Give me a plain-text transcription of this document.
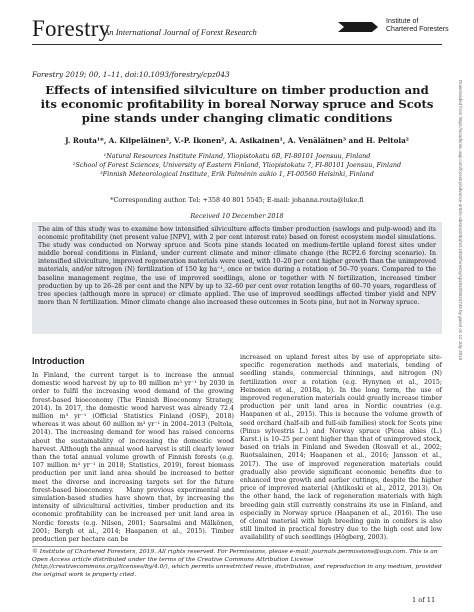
Forestry
An International Journal of Forest Research
Institute of
Chartered Foresters
Forestry 2019; 00, 1–11, doi:10.1093/forestry/cpz043
Effects of intensified silviculture on timber production and its economic profitability in boreal Norway spruce and Scots pine stands under changing climatic conditions
J. Routa¹*, A. Kilpeläinen², V.-P. Ikonen², A. Asikainen¹, A. Venäläinen³ and H. Peltola²
¹Natural Resources Institute Finland, Yliopistokatu 6B, FI-80101 Joensuu, Finland
²School of Forest Sciences, University of Eastern Finland, Yliopistokatu 7, FI-80101 Joensuu, Finland
³Finnish Meteorological Institute, Erik Palménin aukio 1, FI-00560 Helsinki, Finland
*Corresponding author. Tel: +358 40 801 5545; E-mail: johanna.routa@luke.fi
Received 10 December 2018
The aim of this study was to examine how intensified silviculture affects timber production (sawlogs and pulp-wood) and its economic profitability (net present value [NPV], with 2 per cent interest rate) based on forest ecosystem model simulations. The study was conducted on Norway spruce and Scots pine stands located on medium-fertile upland forest sites under middle boreal conditions in Finland, under current climate and minor climate change (the RCP2.6 forcing scenario). In intensified silviculture, improved regeneration materials were used, with 10–20 per cent higher growth than the unimproved materials, and/or nitrogen (N) fertilization of 150 kg ha⁻¹, once or twice during a rotation of 50–70 years. Compared to the baseline management regime, the use of improved seedlings, alone or together with N fertilization, increased timber production by up to 26–28 per cent and the NPV by up to 32–60 per cent over rotation lengths of 60–70 years, regardless of tree species (although more in spruce) or climate applied. The use of improved seedlings affected timber yield and NPV more than N fertilization. Minor climate change also increased these outcomes in Scots pine, but not in Norway spruce.
Introduction
In Finland, the current target is to increase the annual domestic wood harvest by up to 80 million m³ yr⁻¹ by 2030 in order to fulfil the increasing wood demand of the growing forest-based bioeconomy (The Finnish Bioeconomy Strategy, 2014). In 2017, the domestic wood harvest was already 72.4 million m³ yr⁻¹ (Official Statistics Finland (OSF), 2018) whereas it was about 60 million m³ yr⁻¹ in 2004–2013 (Peltola, 2014). The increasing demand for wood has raised concerns about the sustainability of increasing the domestic wood harvest. Although the annual wood harvest is still clearly lower than the total annual volume growth of Finnish forests (e.g. 107 million m³ yr⁻¹ in 2018; Statistics, 2019), forest biomass production per unit land area should be increased to better meet the diverse and increasing targets set for the future forest-based bioeconomy.    Many previous experimental and simulation-based studies have shown that, by increasing the intensity of silvicultural activities, timber production and its economic profitability can be increased per unit land area in Nordic forests (e.g. Nilsen, 2001; Saarsalmi and Mälkönen, 2001; Bergh et al., 2014; Haapanen et al., 2015). Timber production per hectare can be
increased on upland forest sites by use of appropriate site-specific regeneration methods and materials, tending of seedling stands, commercial thinnings, and nitrogen (N) fertilization over a rotation (e.g. Hynynen et al., 2015; Heinonen et al., 2018a, b). In the long term, the use of improved regeneration materials could greatly increase timber production per unit land area in Nordic countries (e.g. Haapanen et al., 2015). This is because the volume growth of seed orchard (half-sib and full-sib families) stock for Scots pine (Pinus sylvestris L.) and Norway spruce (Picea abies (L.) Karst.) is 10–25 per cent higher than that of unimproved stock, based on trials in Finland and Sweden (Rosvall et al., 2002; Ruotsalainen, 2014; Haapanen et al., 2016; Jansson et al., 2017). The use of improved regeneration materials could gradually also provide significant economic benefits due to enhanced tree growth and earlier cuttings, despite the higher price of improved material (Ahtikoski et al., 2012, 2013). On the other hand, the lack of regeneration materials with high breeding gain still currently constrains its use in Finland, and especially in Norway spruce (Haapanen et al., 2016). The use of clonal material with high breeding gain in conifers is also still limited in practical forestry due to the high cost and low availability of such seedlings (Högberg, 2003).
© Institute of Chartered Foresters, 2019. All rights reserved. For Permissions, please e-mail: journals.permissions@oup.com. This is an Open Access article distributed under the terms of the Creative Commons Attribution License (http://creativecommons.org/licenses/by/4.0/), which permits unrestricted reuse, distribution, and reproduction in any medium, provided the original work is properly cited.
1 of 11
Downloaded from https://academic.oup.com/forestry/advance-article-abstract/doi/10.1093/forestry/cpz043/5524746 by guest on 12 July 2019
